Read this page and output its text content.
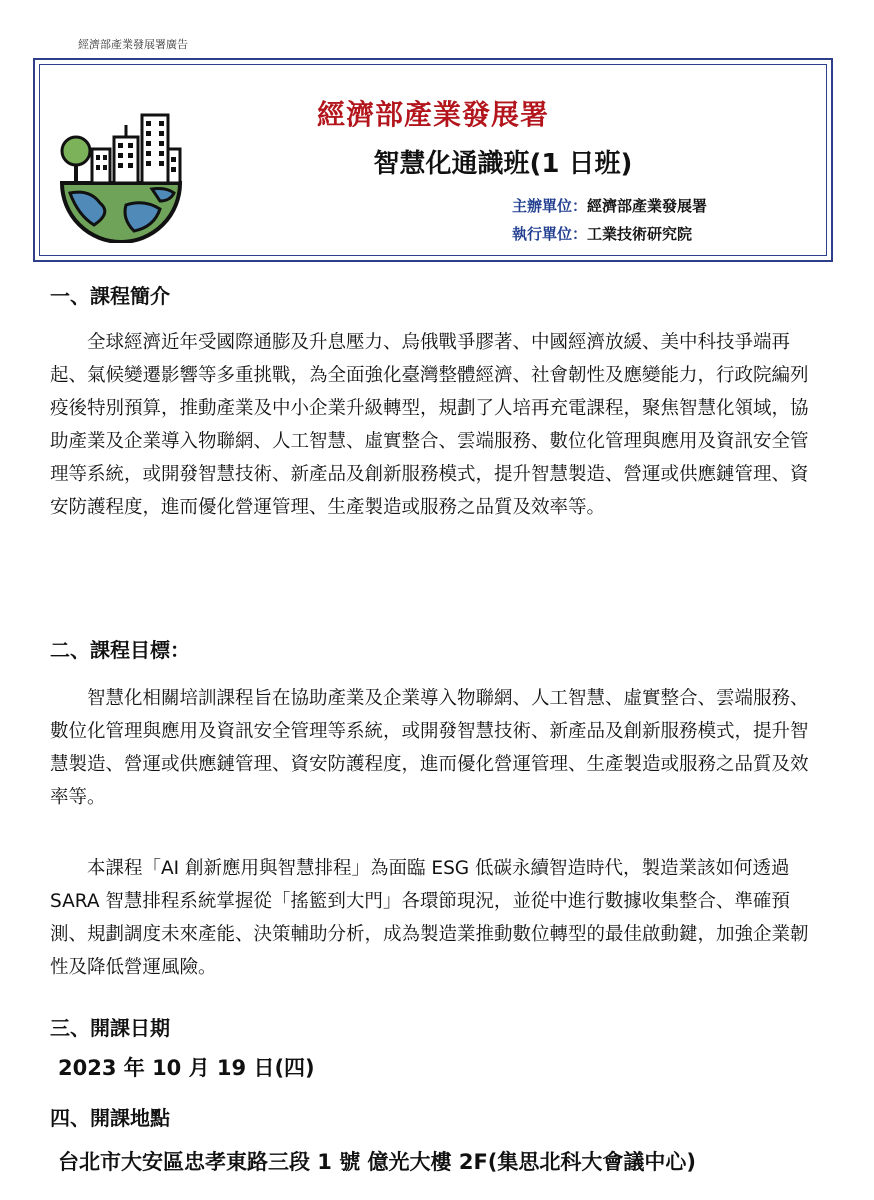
經濟部產業發展署廣告
經濟部產業發展署
智慧化通識班(1 日班)
主辦單位：經濟部產業發展署
執行單位：工業技術研究院
一、課程簡介

全球經濟近年受國際通膨及升息壓力、烏俄戰爭膠著、中國經濟放緩、美中科技爭端再起、氣候變遷影響等多重挑戰，為全面強化臺灣整體經濟、社會韌性及應變能力，行政院編列疫後特別預算，推動產業及中小企業升級轉型，規劃了人培再充電課程，聚焦智慧化領域，協助產業及企業導入物聯網、人工智慧、虛實整合、雲端服務、數位化管理與應用及資訊安全管理等系統，或開發智慧技術、新產品及創新服務模式，提升智慧製造、營運或供應鏈管理、資安防護程度，進而優化營運管理、生產製造或服務之品質及效率等。

二、課程目標：

智慧化相關培訓課程旨在協助產業及企業導入物聯網、人工智慧、虛實整合、雲端服務、數位化管理與應用及資訊安全管理等系統，或開發智慧技術、新產品及創新服務模式，提升智慧製造、營運或供應鏈管理、資安防護程度，進而優化營運管理、生產製造或服務之品質及效率等。

本課程「AI 創新應用與智慧排程」為面臨 ESG 低碳永續智造時代，製造業該如何透過 SARA 智慧排程系統掌握從「搖籃到大門」各環節現況，並從中進行數據收集整合、準確預測、規劃調度未來產能、決策輔助分析，成為製造業推動數位轉型的最佳啟動鍵，加強企業韌性及降低營運風險。

三、開課日期
2023 年 10 月 19 日(四)
四、開課地點
台北市大安區忠孝東路三段 1 號 億光大樓 2F(集思北科大會議中心)
